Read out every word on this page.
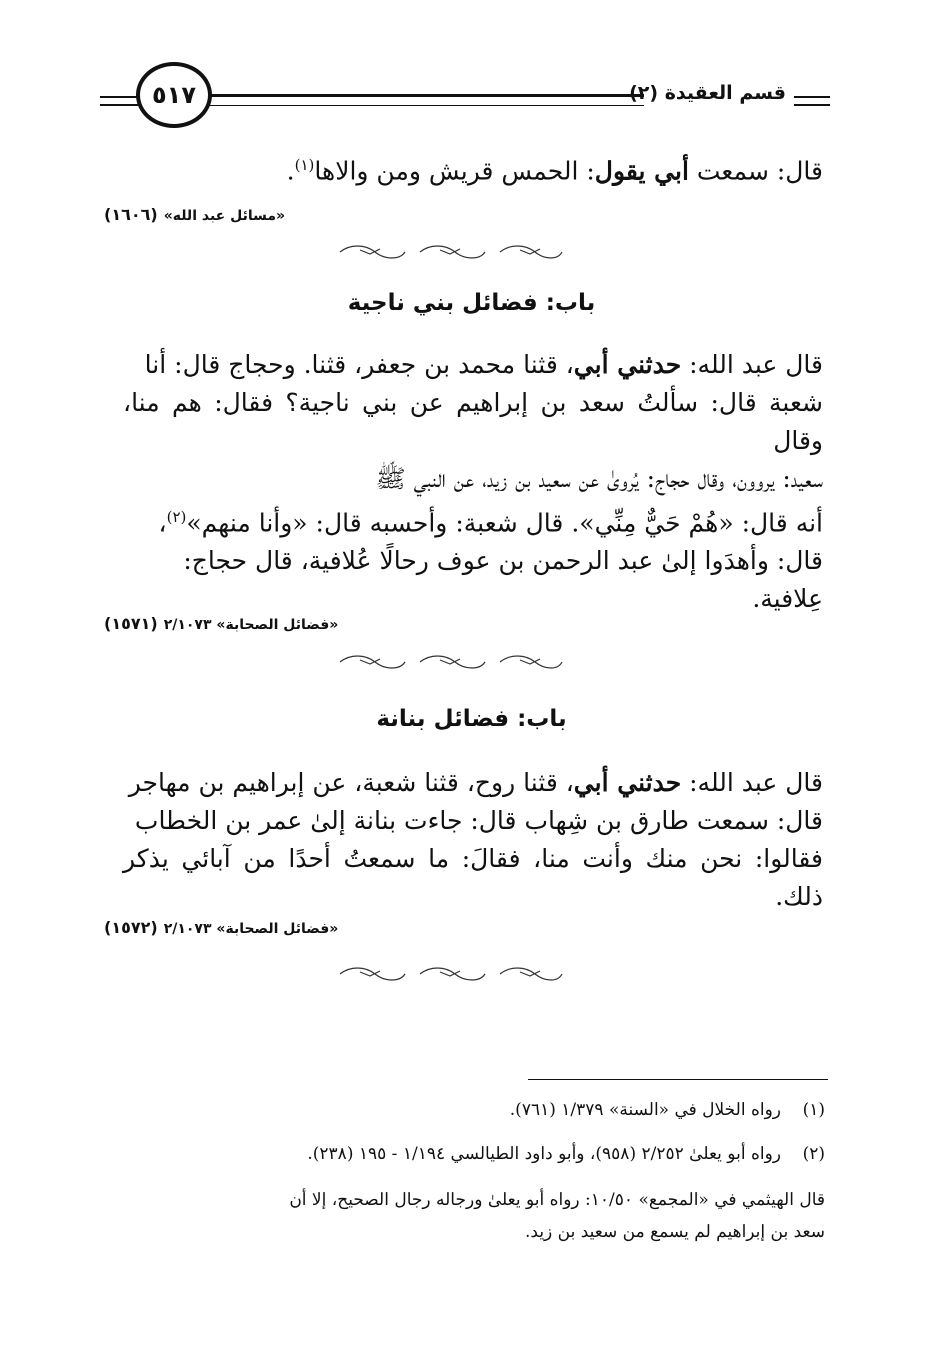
قسم العقيدة (٢)
٥١٧
قال: سمعت أبي يقول: الحمس قريش ومن والاها$^{(١)}$.
«مسائل عبد الله»(١٦٠٦)
باب: فضائل بني ناجية
قال عبد الله: حدثني أبي، قثنا محمد بن جعفر، قثنا. وحجاج قال: أنا
شعبة قال: سألتُ سعد بن إبراهيم عن بني ناجية؟ فقال: هم منا، وقال
سعيد: يروون، وقال حجاج: يُروىٰ عن سعيد بن زيد، عن النبي ﷺ
أنه قال: «هُمْ حَيٌّ مِنِّي». قال شعبة: وأحسبه قال: «وأنا منهم»$^{(٢)}$،
قال: وأهدَوا إلىٰ عبد الرحمن بن عوف رحالًا عُلافية، قال حجاج:
عِلافية.
«فضائل الصحابة» ٢/١٠٧٣(١٥٧١)
باب: فضائل بنانة
قال عبد الله: حدثني أبي، قثنا روح، قثنا شعبة، عن إبراهيم بن مهاجر
قال: سمعت طارق بن شِهاب قال: جاءت بنانة إلىٰ عمر بن الخطاب
فقالوا: نحن منك وأنت منا، فقالَ: ما سمعتُ أحدًا من آبائي يذكر ذلك.
«فضائل الصحابة» ٢/١٠٧٣(١٥٧٢)
(١)رواه الخلال في «السنة» ١/٣٧٩ (٧٦١).
(٢)رواه أبو يعلىٰ ٢/٢٥٢ (٩٥٨)، وأبو داود الطيالسي ١/١٩٤ - ١٩٥ (٢٣٨).
قال الهيثمي في «المجمع» ١٠/٥٠: رواه أبو يعلىٰ ورجاله رجال الصحيح، إلا أن
سعد بن إبراهيم لم يسمع من سعيد بن زيد.
